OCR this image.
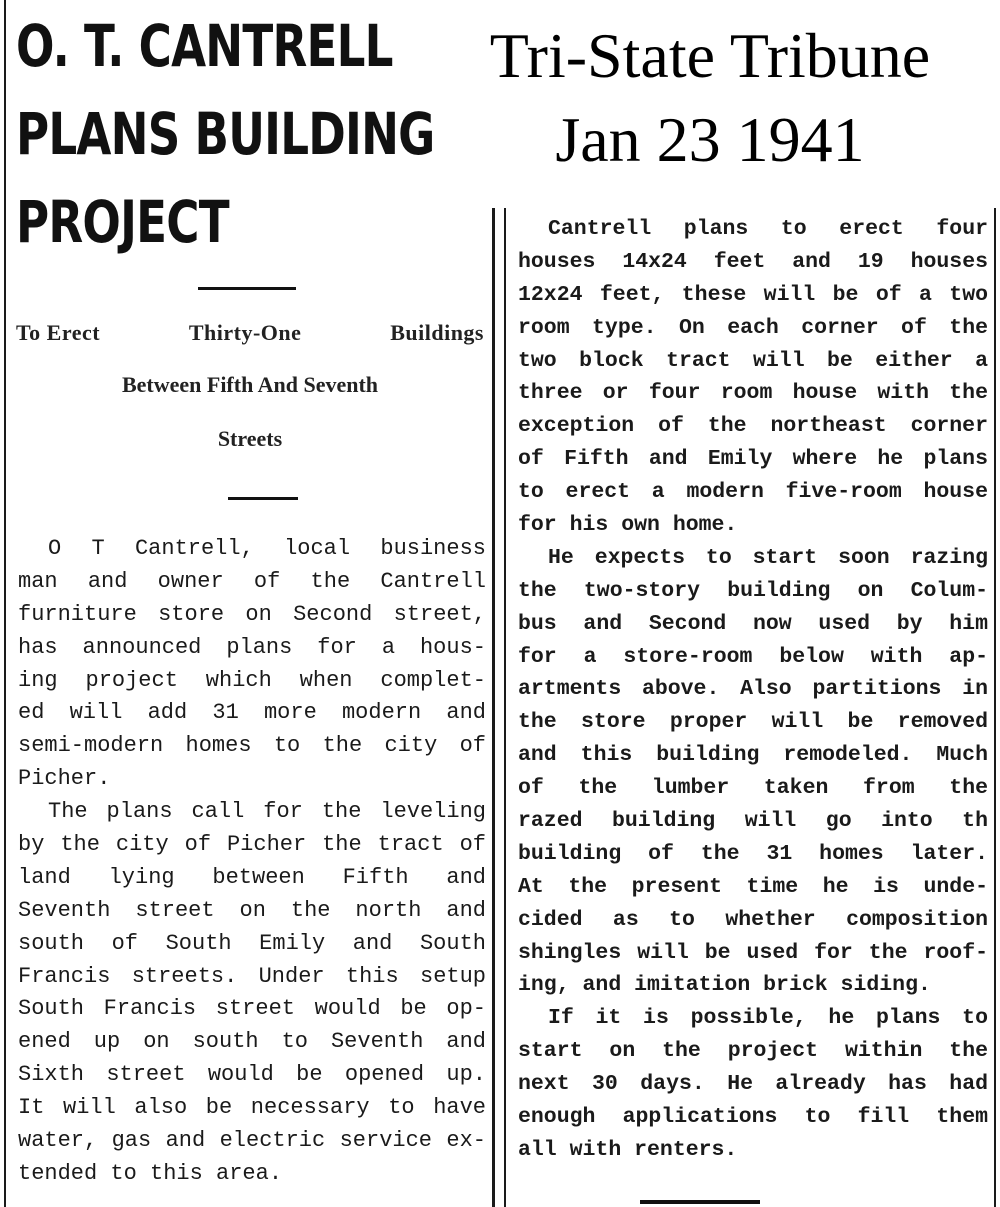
O. T. CANTRELL
PLANS BUILDING
PROJECT
Tri-State Tribune
Jan 23 1941
To Erect	Thirty-One	Buildings
Between Fifth And Seventh
Streets
O T Cantrell, local business
man and owner of the Cantrell
furniture store on Second street,
has announced plans for a hous-
ing project which when complet-
ed will add 31 more modern and
semi-modern homes to the city of
Picher.
The plans call for the leveling
by the city of Picher the tract of
land lying between Fifth and
Seventh street on the north and
south of South Emily and South
Francis streets. Under this setup
South Francis street would be op-
ened up on south to Seventh and
Sixth street would be opened up.
It will also be necessary to have
water, gas and electric service ex-
tended to this area.
Cantrell plans to erect four
houses 14x24 feet and 19 houses
12x24 feet, these will be of a two
room type. On each corner of the
two block tract will be either a
three or four room house with the
exception of the northeast corner
of Fifth and Emily where he plans
to erect a modern five-room house
for his own home.
He expects to start soon razing
the two-story building on Colum-
bus and Second now used by him
for a store-room below with ap-
artments above. Also partitions in
the store proper will be removed
and this building remodeled. Much
of the lumber taken from the
razed building will go into th
building of the 31 homes later.
At the present time he is unde-
cided as to whether composition
shingles will be used for the roof-
ing, and imitation brick siding.
If it is possible, he plans to
start on the project within the
next 30 days. He already has had
enough applications to fill them
all with renters.
